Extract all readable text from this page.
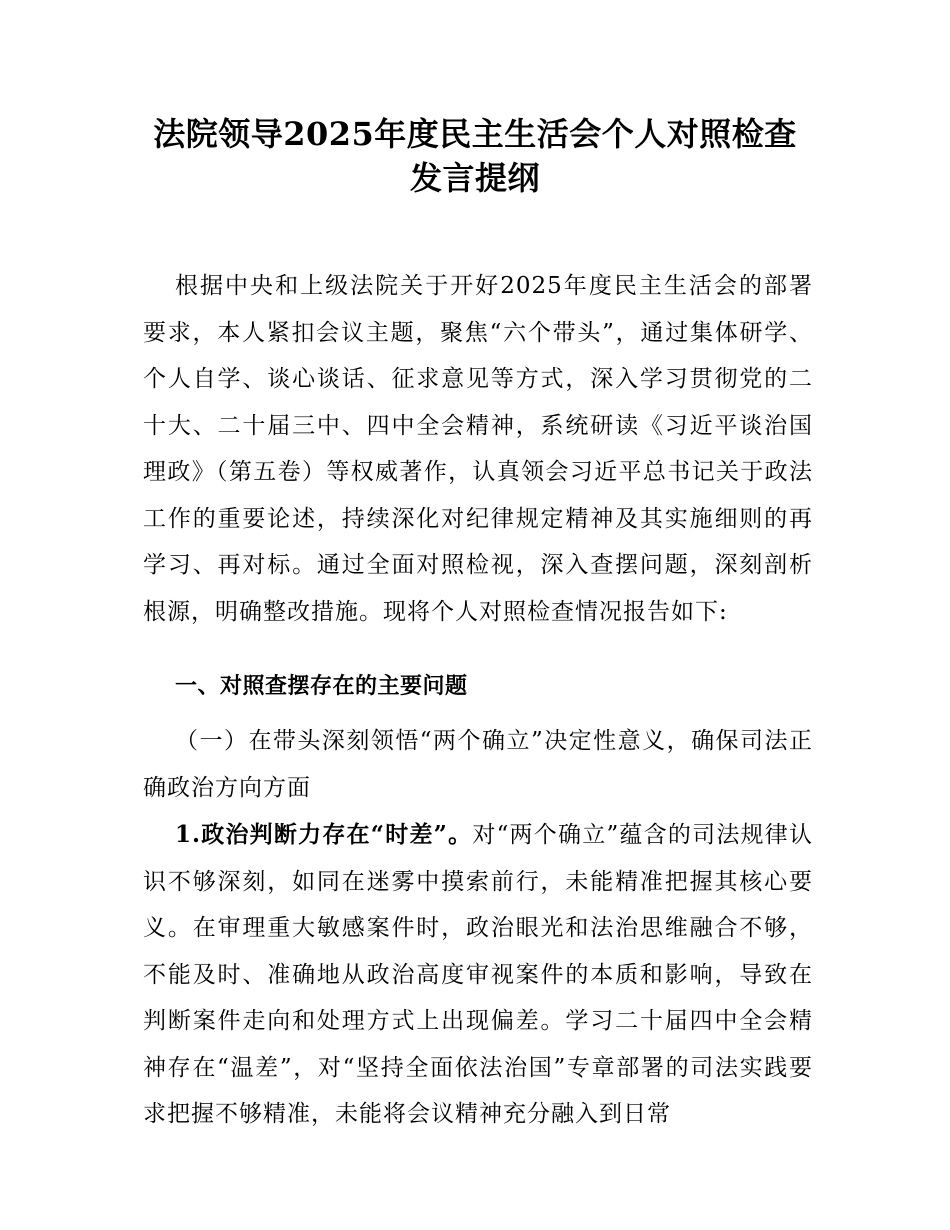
法院领导2025年度民主生活会个人对照检查
发言提纲
根据中央和上级法院关于开好2025年度民主生活会的部署要求，本人紧扣会议主题，聚焦“六个带头”，通过集体研学、个人自学、谈心谈话、征求意见等方式，深入学习贯彻党的二十大、二十届三中、四中全会精神，系统研读《习近平谈治国理政》（第五卷）等权威著作，认真领会习近平总书记关于政法工作的重要论述，持续深化对纪律规定精神及其实施细则的再学习、再对标。通过全面对照检视，深入查摆问题，深刻剖析根源，明确整改措施。现将个人对照检查情况报告如下:
一、对照查摆存在的主要问题
（一）在带头深刻领悟“两个确立”决定性意义，确保司法正确政治方向方面
1.政治判断力存在“时差”。对“两个确立”蕴含的司法规律认识不够深刻，如同在迷雾中摸索前行，未能精准把握其核心要义。在审理重大敏感案件时，政治眼光和法治思维融合不够，不能及时、准确地从政治高度审视案件的本质和影响，导致在判断案件走向和处理方式上出现偏差。学习二十届四中全会精神存在“温差”，对“坚持全面依法治国”专章部署的司法实践要求把握不够精准，未能将会议精神充分融入到日常
